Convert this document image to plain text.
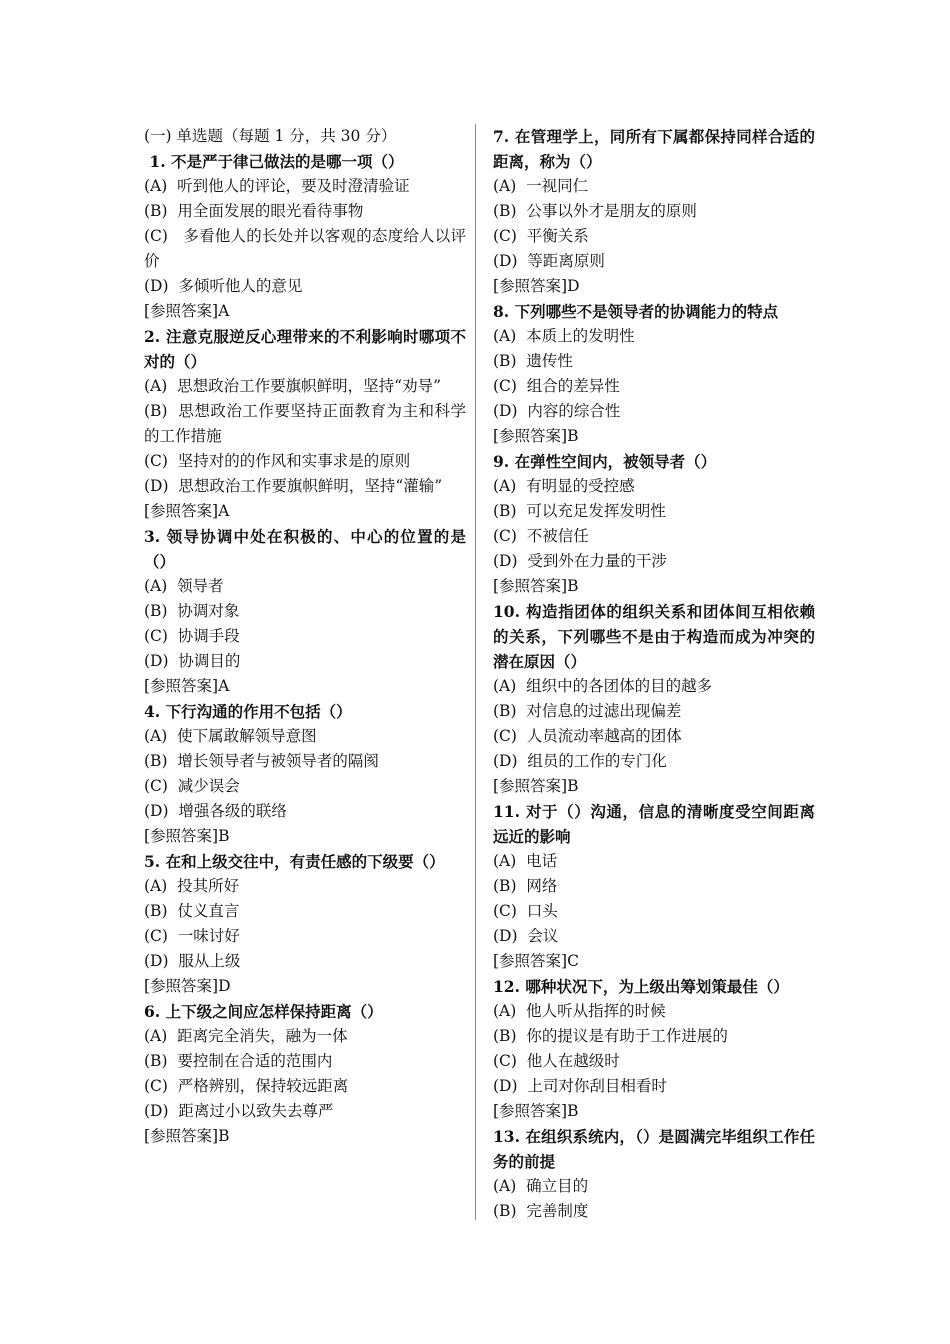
(一) 单选题（每题 1 分，共 30 分）
1. 不是严于律己做法的是哪一项（）
(A)  听到他人的评论，要及时澄清验证
(B)  用全面发展的眼光看待事物
(C)   多看他人的长处并以客观的态度给人以评价
(D)  多倾听他人的意见
[参照答案]A
2. 注意克服逆反心理带来的不利影响时哪项不对的（）
(A)  思想政治工作要旗帜鲜明，坚持“劝导”
(B)  思想政治工作要坚持正面教育为主和科学的工作措施
(C)  坚持对的的作风和实事求是的原则
(D)  思想政治工作要旗帜鲜明，坚持“灌输”
[参照答案]A
3. 领导协调中处在积极的、中心的位置的是（）
(A)  领导者
(B)  协调对象
(C)  协调手段
(D)  协调目的
[参照答案]A
4. 下行沟通的作用不包括（）
(A)  使下属敢解领导意图
(B)  增长领导者与被领导者的隔阂
(C)  减少误会
(D)  增强各级的联络
[参照答案]B
5. 在和上级交往中，有责任感的下级要（）
(A)  投其所好
(B)  仗义直言
(C)  一味讨好
(D)  服从上级
[参照答案]D
6. 上下级之间应怎样保持距离（）
(A)  距离完全消失，融为一体
(B)  要控制在合适的范围内
(C)  严格辨别，保持较远距离
(D)  距离过小以致失去尊严
[参照答案]B
7. 在管理学上，同所有下属都保持同样合适的距离，称为（）
(A)  一视同仁
(B)  公事以外才是朋友的原则
(C)  平衡关系
(D)  等距离原则
[参照答案]D
8. 下列哪些不是领导者的协调能力的特点
(A)  本质上的发明性
(B)  遗传性
(C)  组合的差异性
(D)  内容的综合性
[参照答案]B
9. 在弹性空间内，被领导者（）
(A)  有明显的受控感
(B)  可以充足发挥发明性
(C)  不被信任
(D)  受到外在力量的干涉
[参照答案]B
10. 构造指团体的组织关系和团体间互相依赖的关系，下列哪些不是由于构造而成为冲突的潜在原因（）
(A)  组织中的各团体的目的越多
(B)  对信息的过滤出现偏差
(C)  人员流动率越高的团体
(D)  组员的工作的专门化
[参照答案]B
11. 对于（）沟通，信息的清晰度受空间距离远近的影响
(A)  电话
(B)  网络
(C)  口头
(D)  会议
[参照答案]C
12. 哪种状况下，为上级出筹划策最佳（）
(A)  他人听从指挥的时候
(B)  你的提议是有助于工作进展的
(C)  他人在越级时
(D)  上司对你刮目相看时
[参照答案]B
13. 在组织系统内，（）是圆满完毕组织工作任务的前提
(A)  确立目的
(B)  完善制度
